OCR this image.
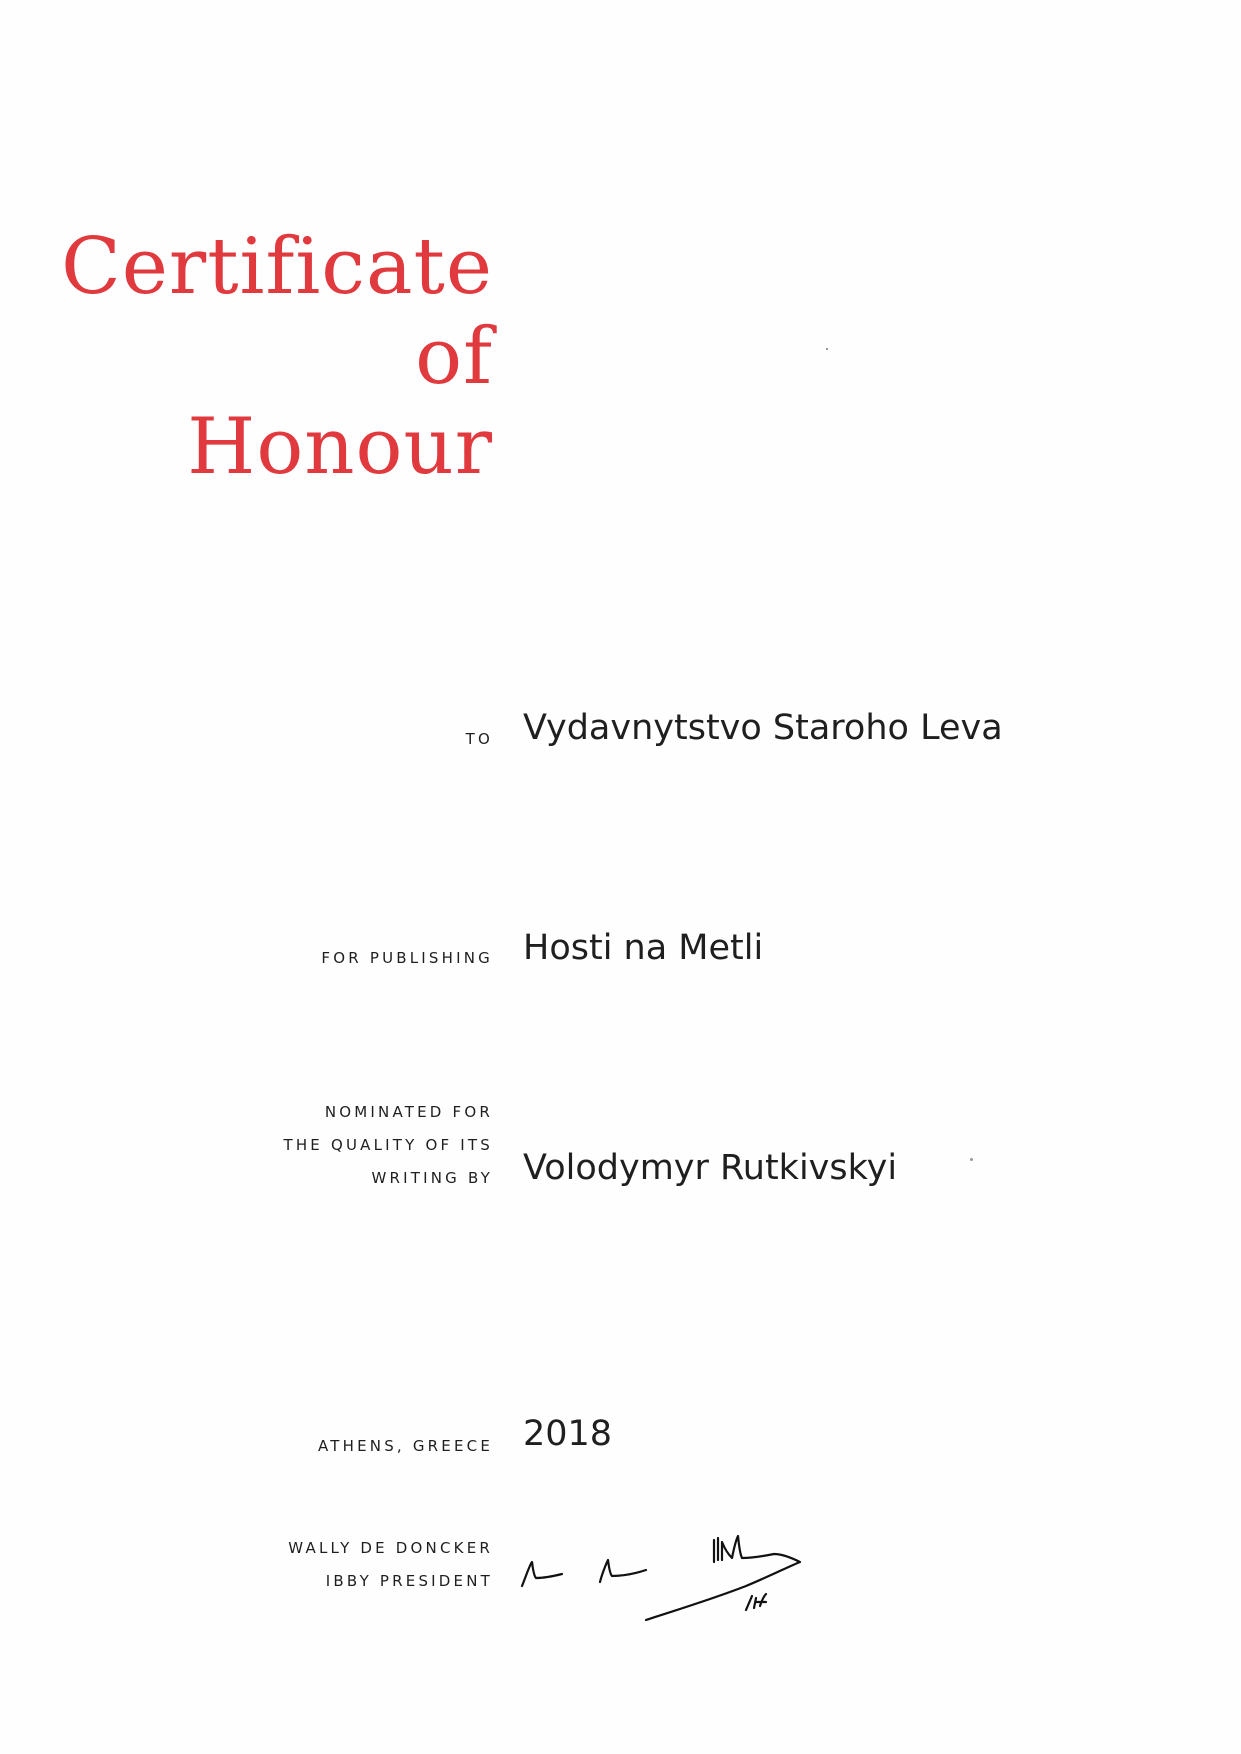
Certificate
of
Honour
TO Vydavnytstvo Staroho Leva
FOR PUBLISHING Hosti na Metli
NOMINATED FOR
THE QUALITY OF ITS
WRITING BY Volodymyr Rutkivskyi
ATHENS, GREECE 2018
WALLY DE DONCKER
IBBY PRESIDENT
